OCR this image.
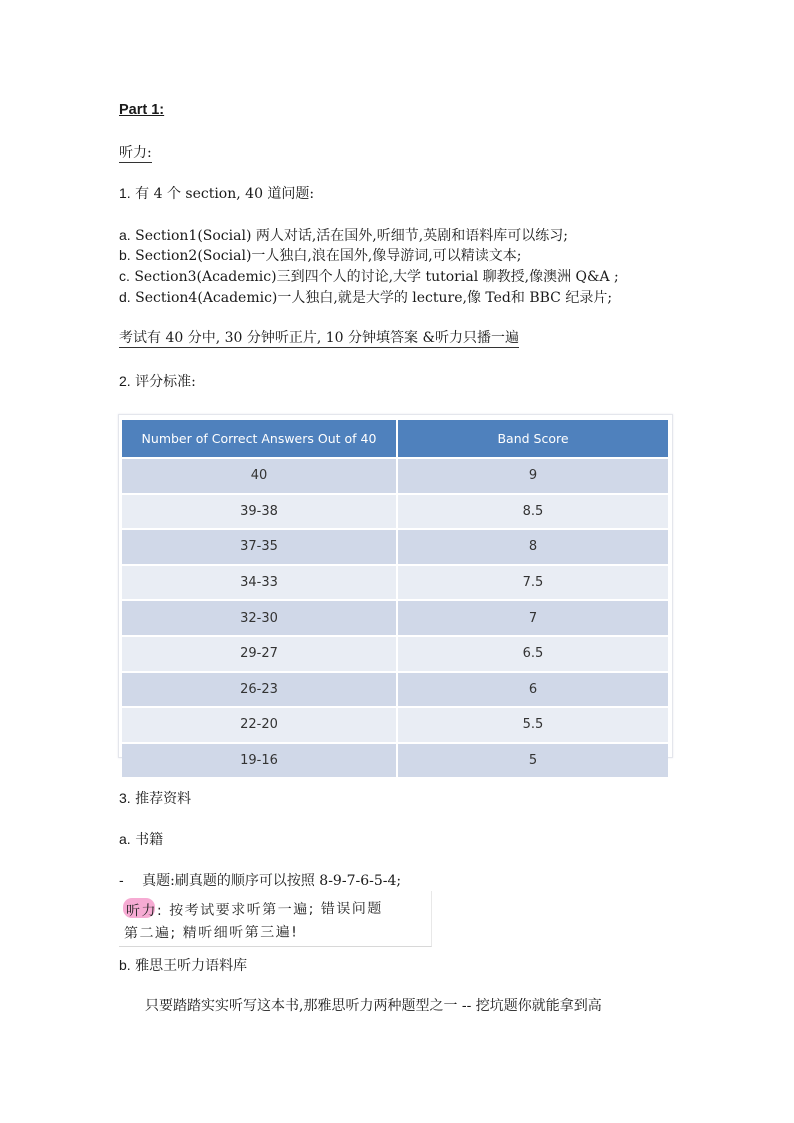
Part 1:
听力:
1. 有 4 个 section, 40 道问题:
a. Section1(Social) 两人对话,活在国外,听细节,英剧和语料库可以练习;
b. Section2(Social)一人独白,浪在国外,像导游词,可以精读文本;
c. Section3(Academic)三到四个人的讨论,大学 tutorial 聊教授,像澳洲 Q&A ;
d. Section4(Academic)一人独白,就是大学的 lecture,像 Ted和 BBC 纪录片;
考试有 40 分中, 30 分钟听正片, 10 分钟填答案 &听力只播一遍
2. 评分标准:
Number of Correct Answers Out of 40	Band Score
40	9
39-38	8.5
37-35	8
34-33	7.5
32-30	7
29-27	6.5
26-23	6
22-20	5.5
19-16	5
3. 推荐资料
a. 书籍
- 真题:刷真题的顺序可以按照 8-9-7-6-5-4;
听力: 按考试要求听第一遍; 错误问题
第二遍; 精听细听第三遍!
b. 雅思王听力语料库
只要踏踏实实听写这本书,那雅思听力两种题型之一 -- 挖坑题你就能拿到高
